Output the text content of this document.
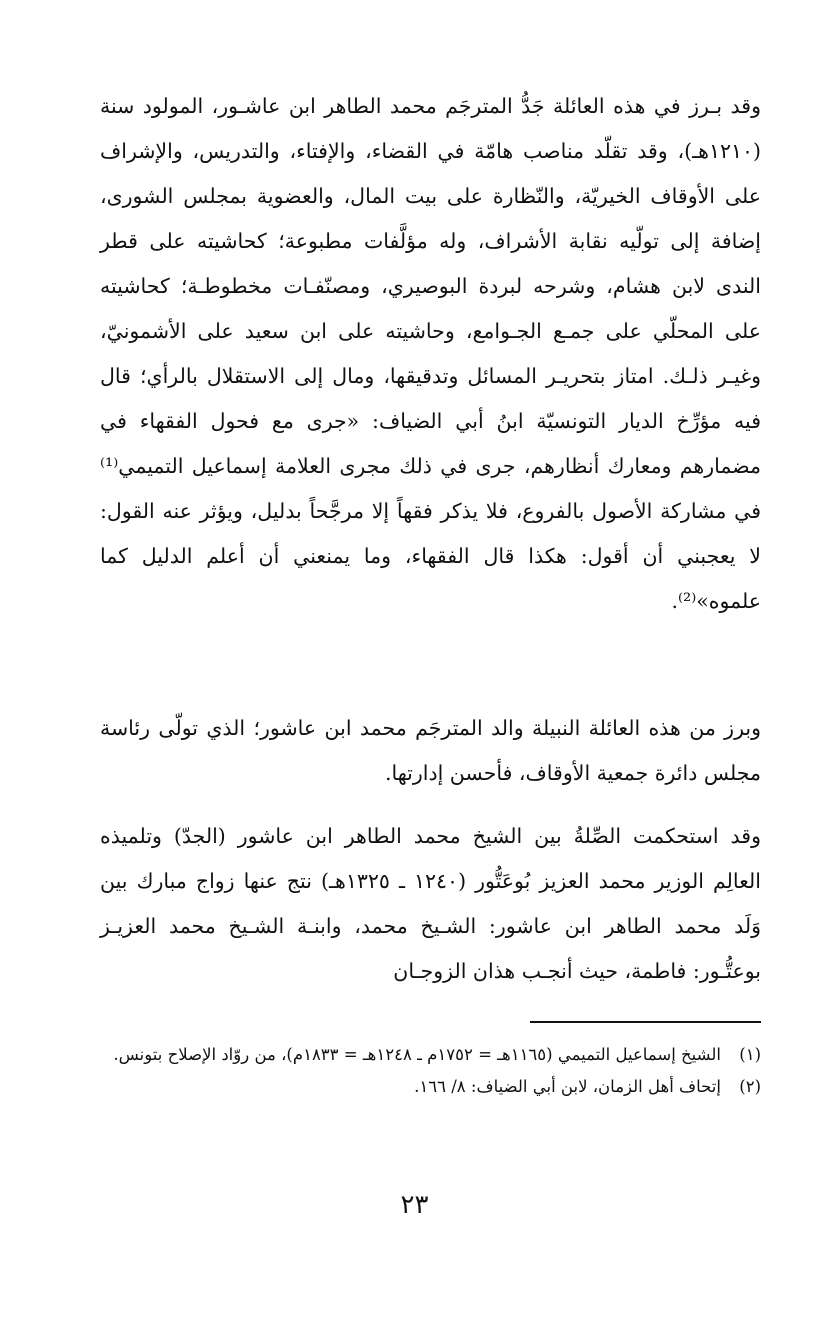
وقد بـرز في هذه العائلة جَدُّ المترجَم محمد الطاهر ابن عاشـور، المولود سنة (١٢١٠هـ)، وقد تقلّد مناصب هامّة في القضاء، والإفتاء، والتدريس، والإشراف على الأوقاف الخيريّة، والنّظارة على بيت المال، والعضوية بمجلس الشورى، إضافة إلى تولّيه نقابة الأشراف، وله مؤلَّفات مطبوعة؛ كحاشيته على قطر الندى لابن هشام، وشرحه لبردة البوصيري، ومصنّفـات مخطوطـة؛ كحاشيته على المحلّي على جمـع الجـوامع، وحاشيته على ابن سعيد على الأشمونيّ، وغيـر ذلـك. امتاز بتحريـر المسائل وتدقيقها، ومال إلى الاستقلال بالرأي؛ قال فيه مؤرِّخ الديار التونسيّة ابنُ أبي الضياف: «جرى مع فحول الفقهاء في مضمارهم ومعارك أنظارهم، جرى في ذلك مجرى العلامة إسماعيل التميمي⁽¹⁾ في مشاركة الأصول بالفروع، فلا يذكر فقهاً إلا مرجَّحاً بدليل، ويؤثر عنه القول: لا يعجبني أن أقول: هكذا قال الفقهاء، وما يمنعني أن أعلم الدليل كما علموه»⁽²⁾.

وبرز من هذه العائلة النبيلة والد المترجَم محمد ابن عاشور؛ الذي تولّى رئاسة مجلس دائرة جمعية الأوقاف، فأحسن إدارتها.

وقد استحكمت الصِّلةُ بين الشيخ محمد الطاهر ابن عاشور (الجدّ) وتلميذه العالِم الوزير محمد العزيز بُوعَتُّور (١٢٤٠ ـ ١٣٢٥هـ) نتج عنها زواج مبارك بين وَلَد محمد الطاهر ابن عاشور: الشـيخ محمد، وابنـة الشـيخ محمد العزيـز بوعتُّـور: فاطمة، حيث أنجـب هذان الزوجـان

(١)
الشيخ إسماعيل التميمي (١١٦٥هـ = ١٧٥٢م ـ ١٢٤٨هـ = ١٨٣٣م)، من روّاد الإصلاح بتونس.

(٢)
إتحاف أهل الزمان، لابن أبي الضياف: ٨/ ١٦٦.

٢٣
